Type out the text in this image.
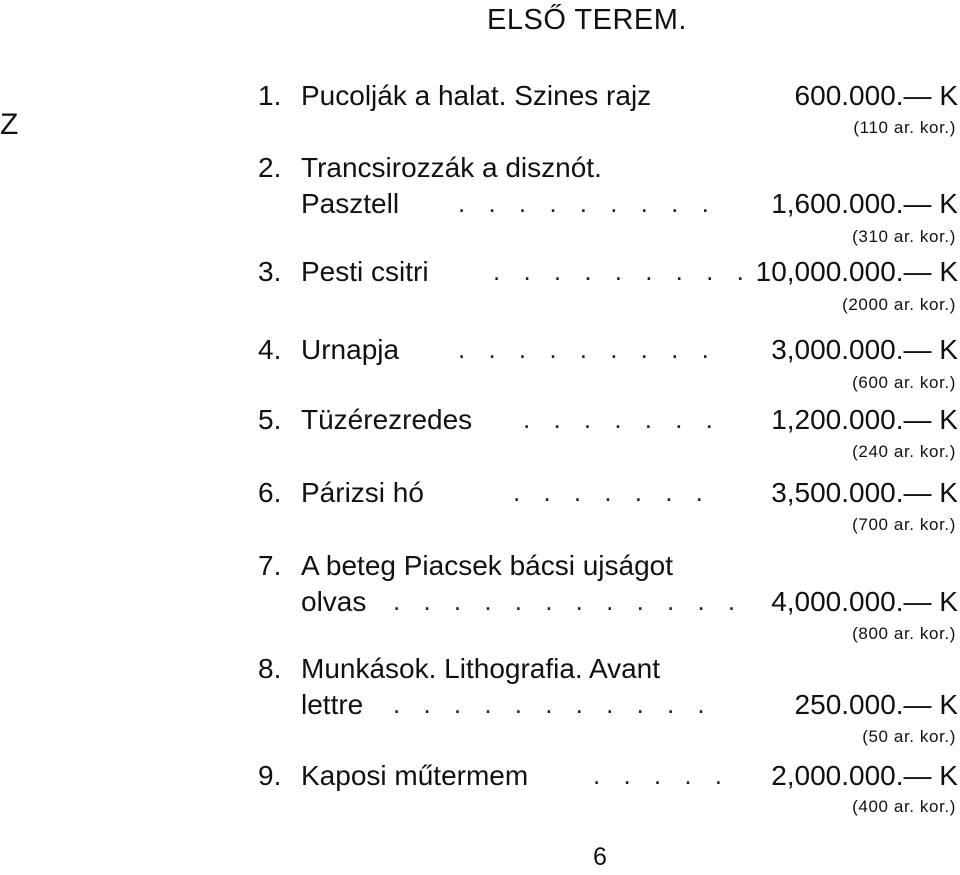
ELSŐ TEREM.
Z
1. Pucolják a halat. Szines rajz	600.000.— K
(110 ar. kor.)
2. Trancsirozzák a disznót.
Pasztell . . . . . . . . . 1,600.000.— K
(310 ar. kor.)
3. Pesti csitri . . . . . . . . . 10,000.000.— K
(2000 ar. kor.)
4. Urnapja . . . . . . . . . 3,000.000.— K
(600 ar. kor.)
5. Tüzérezredes . . . . . . . 1,200.000.— K
(240 ar. kor.)
6. Párizsi hó	. . . . . . . 3,500.000.— K
(700 ar. kor.)
7. A beteg Piacsek bácsi ujságot
olvas . . . . . . . . . . . . 4,000.000.— K
(800 ar. kor.)
8. Munkások. Lithografia. Avant
lettre . . . . . . . . . . .	250.000.— K
(50 ar. kor.)
9. Kaposi műtermem . . . . . 2,000.000.— K
(400 ar. kor.)
6
